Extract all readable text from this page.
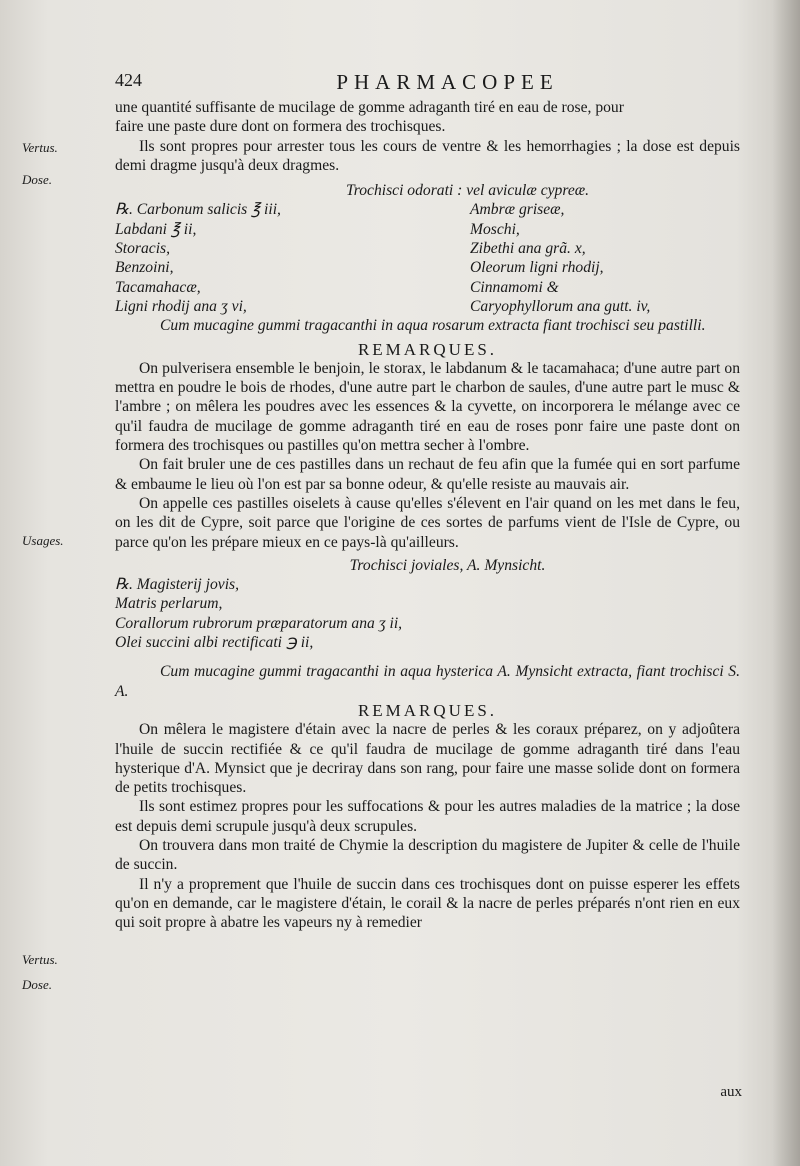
424	PHARMACOPEE
Vertus.
Dose.
Usages.
Vertus.
Dose.

une quantité suffisante de mucilage de gomme adraganth tiré en eau de rose, pour

faire une paste dure dont on formera des trochisques.

Ils sont propres pour arrester tous les cours de ventre & les hemorrhagies ; la dose est depuis demi dragme jusqu'à deux dragmes.

Trochisci odorati : vel aviculæ cypreæ.

℞. Carbonum salicis ℥ iii,	Ambræ griseæ,
Labdani ℥ ii,	Moschi,
Storacis,	Zibethi ana grã. x,
Benzoini,	Oleorum ligni rhodij,
Tacamahacæ,	Cinnamomi &
Ligni rhodij ana ʒ vi,	Caryophyllorum ana gutt. iv,

Cum mucagine gummi tragacanthi in aqua rosarum extracta fiant trochisci seu pastilli.

REMARQUES.

On pulverisera ensemble le benjoin, le storax, le labdanum & le tacamahaca; d'une autre part on mettra en poudre le bois de rhodes, d'une autre part le charbon de saules, d'une autre part le musc & l'ambre ; on mêlera les poudres avec les essences & la cyvette, on incorporera le mélange avec ce qu'il faudra de mucilage de gomme adraganth tiré en eau de roses ponr faire une paste dont on formera des trochisques ou pastilles qu'on mettra secher à l'ombre.

On fait bruler une de ces pastilles dans un rechaut de feu afin que la fumée qui en sort parfume & embaume le lieu où l'on est par sa bonne odeur, & qu'elle resiste au mauvais air.

On appelle ces pastilles oiselets à cause qu'elles s'élevent en l'air quand on les met dans le feu, on les dit de Cypre, soit parce que l'origine de ces sortes de parfums vient de l'Isle de Cypre, ou parce qu'on les prépare mieux en ce pays-là qu'ailleurs.

Trochisci joviales, A. Mynsicht.

℞. Magisterij jovis,
Matris perlarum,
Corallorum rubrorum præparatorum ana ʒ ii,
Olei succini albi rectificati ℈ ii,

Cum mucagine gummi tragacanthi in aqua hysterica A. Mynsicht extracta, fiant trochisci S. A.

REMARQUES.

On mêlera le magistere d'étain avec la nacre de perles & les coraux préparez, on y adjoûtera l'huile de succin rectifiée & ce qu'il faudra de mucilage de gomme adraganth tiré dans l'eau hysterique d'A. Mynsict que je decriray dans son rang, pour faire une masse solide dont on formera de petits trochisques.

Ils sont estimez propres pour les suffocations & pour les autres maladies de la matrice ; la dose est depuis demi scrupule jusqu'à deux scrupules.

On trouvera dans mon traité de Chymie la description du magistere de Jupiter & celle de l'huile de succin.

Il n'y a proprement que l'huile de succin dans ces trochisques dont on puisse esperer les effets qu'on en demande, car le magistere d'étain, le corail & la nacre de perles préparés n'ont rien en eux qui soit propre à abatre les vapeurs ny à remedier

aux
